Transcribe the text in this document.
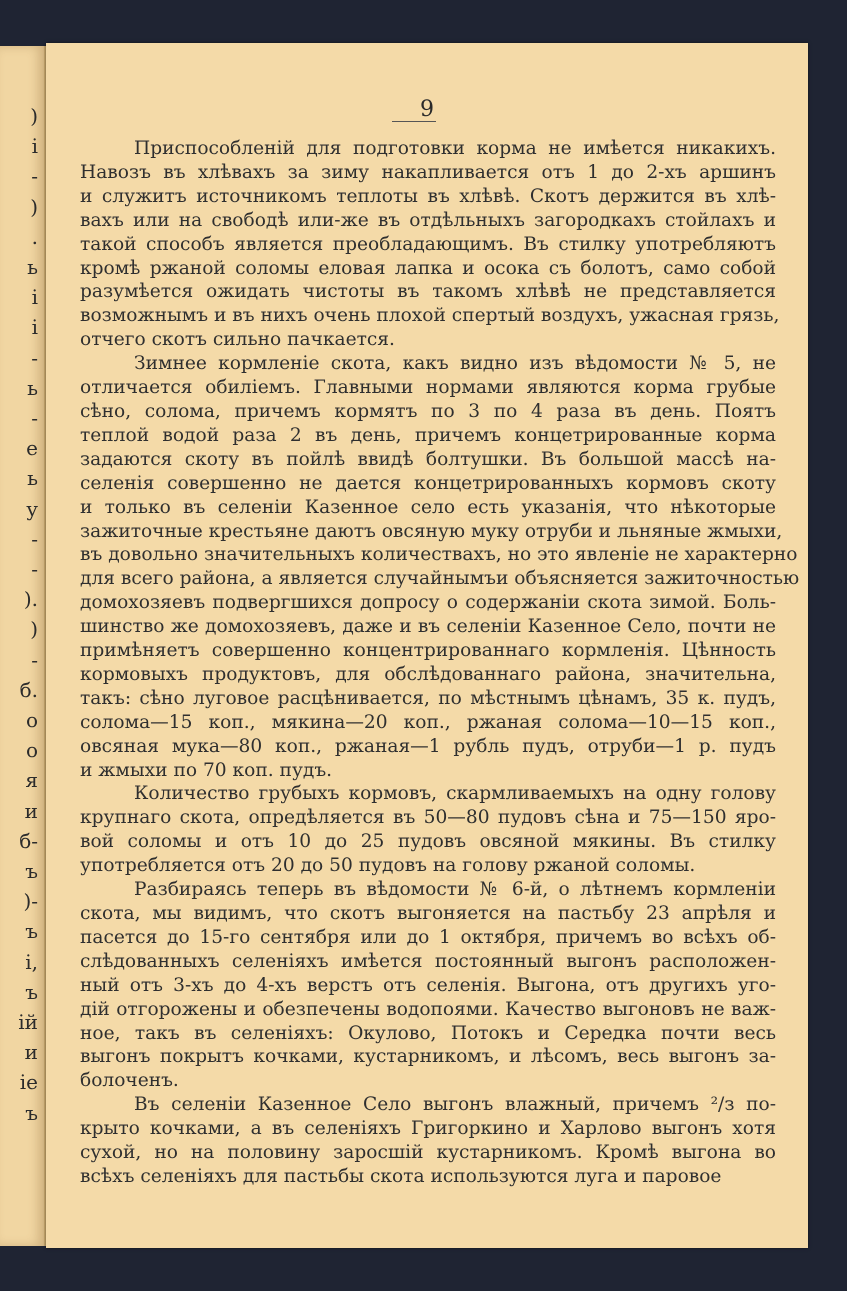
)
i
-
)
.
ь
i
i
-
ь
-
е
ь
у
-
-
).
)
-
б.
о
о
я
и
б-
ъ
)-
ъ
і,
ъ
ій
и
іе
ъ
9
Приспособленій для подготовки корма не имѣется никакихъ.
Навозъ въ хлѣвахъ за зиму накапливается отъ 1 до 2-хъ аршинъ
и служитъ источникомъ теплоты въ хлѣвѣ. Скотъ держится въ хлѣ-
вахъ или на свободѣ или-же въ отдѣльныхъ загородкахъ стойлахъ и
такой способъ является преобладающимъ. Въ стилку употребляютъ
кромѣ ржаной соломы еловая лапка и осока съ болотъ, само собой
разумѣется ожидать чистоты въ такомъ хлѣвѣ не представляется
возможнымъ и въ нихъ очень плохой спертый воздухъ, ужасная грязь,
отчего скотъ сильно пачкается.
Зимнее кормленіе скота, какъ видно изъ вѣдомости № 5, не
отличается обиліемъ. Главными нормами являются корма грубые
сѣно, солома, причемъ кормятъ по 3 по 4 раза въ день. Поятъ
теплой водой раза 2 въ день, причемъ концетрированные корма
задаются скоту въ пойлѣ ввидѣ болтушки. Въ большой массѣ на-
селенія совершенно не дается концетрированныхъ кормовъ скоту
и только въ селеніи Казенное село есть указанія, что нѣкоторые
зажиточные крестьяне даютъ овсяную муку отруби и льняные жмыхи,
въ довольно значительныхъ количествахъ, но это явленіе не характерно
для всего района, а является случайнымъи объясняется зажиточностью
домохозяевъ подвергшихся допросу о содержаніи скота зимой. Боль-
шинство же домохозяевъ, даже и въ селеніи Казенное Село, почти не
примѣняетъ совершенно концентрированнаго кормленія. Цѣнность
кормовыхъ продуктовъ, для обслѣдованнаго района, значительна,
такъ: сѣно луговое расцѣнивается, по мѣстнымъ цѣнамъ, 35 к. пудъ,
солома—15 коп., мякина—20 коп., ржаная солома—10—15 коп.,
овсяная мука—80 коп., ржаная—1 рубль пудъ, отруби—1 р. пудъ
и жмыхи по 70 коп. пудъ.
Количество грубыхъ кормовъ, скармливаемыхъ на одну голову
крупнаго скота, опредѣляется въ 50—80 пудовъ сѣна и 75—150 яро-
вой соломы и отъ 10 до 25 пудовъ овсяной мякины. Въ стилку
употребляется отъ 20 до 50 пудовъ на голову ржаной соломы.
Разбираясь теперь въ вѣдомости № 6-й, о лѣтнемъ кормленіи
скота, мы видимъ, что скотъ выгоняется на пастьбу 23 апрѣля и
пасется до 15-го сентября или до 1 октября, причемъ во всѣхъ об-
слѣдованныхъ селеніяхъ имѣется постоянный выгонъ расположен-
ный отъ 3-хъ до 4-хъ верстъ отъ селенія. Выгона, отъ другихъ уго-
дій отгорожены и обезпечены водопоями. Качество выгоновъ не важ-
ное, такъ въ селеніяхъ: Окулово, Потокъ и Середка почти весь
выгонъ покрытъ кочками, кустарникомъ, и лѣсомъ, весь выгонъ за-
болоченъ.
Въ селеніи Казенное Село выгонъ влажный, причемъ ²/з по-
крыто кочками, а въ селеніяхъ Григоркино и Харлово выгонъ хотя
сухой, но на половину заросшій кустарникомъ. Кромѣ выгона во
всѣхъ селеніяхъ для пастьбы скота используются луга и паровое
